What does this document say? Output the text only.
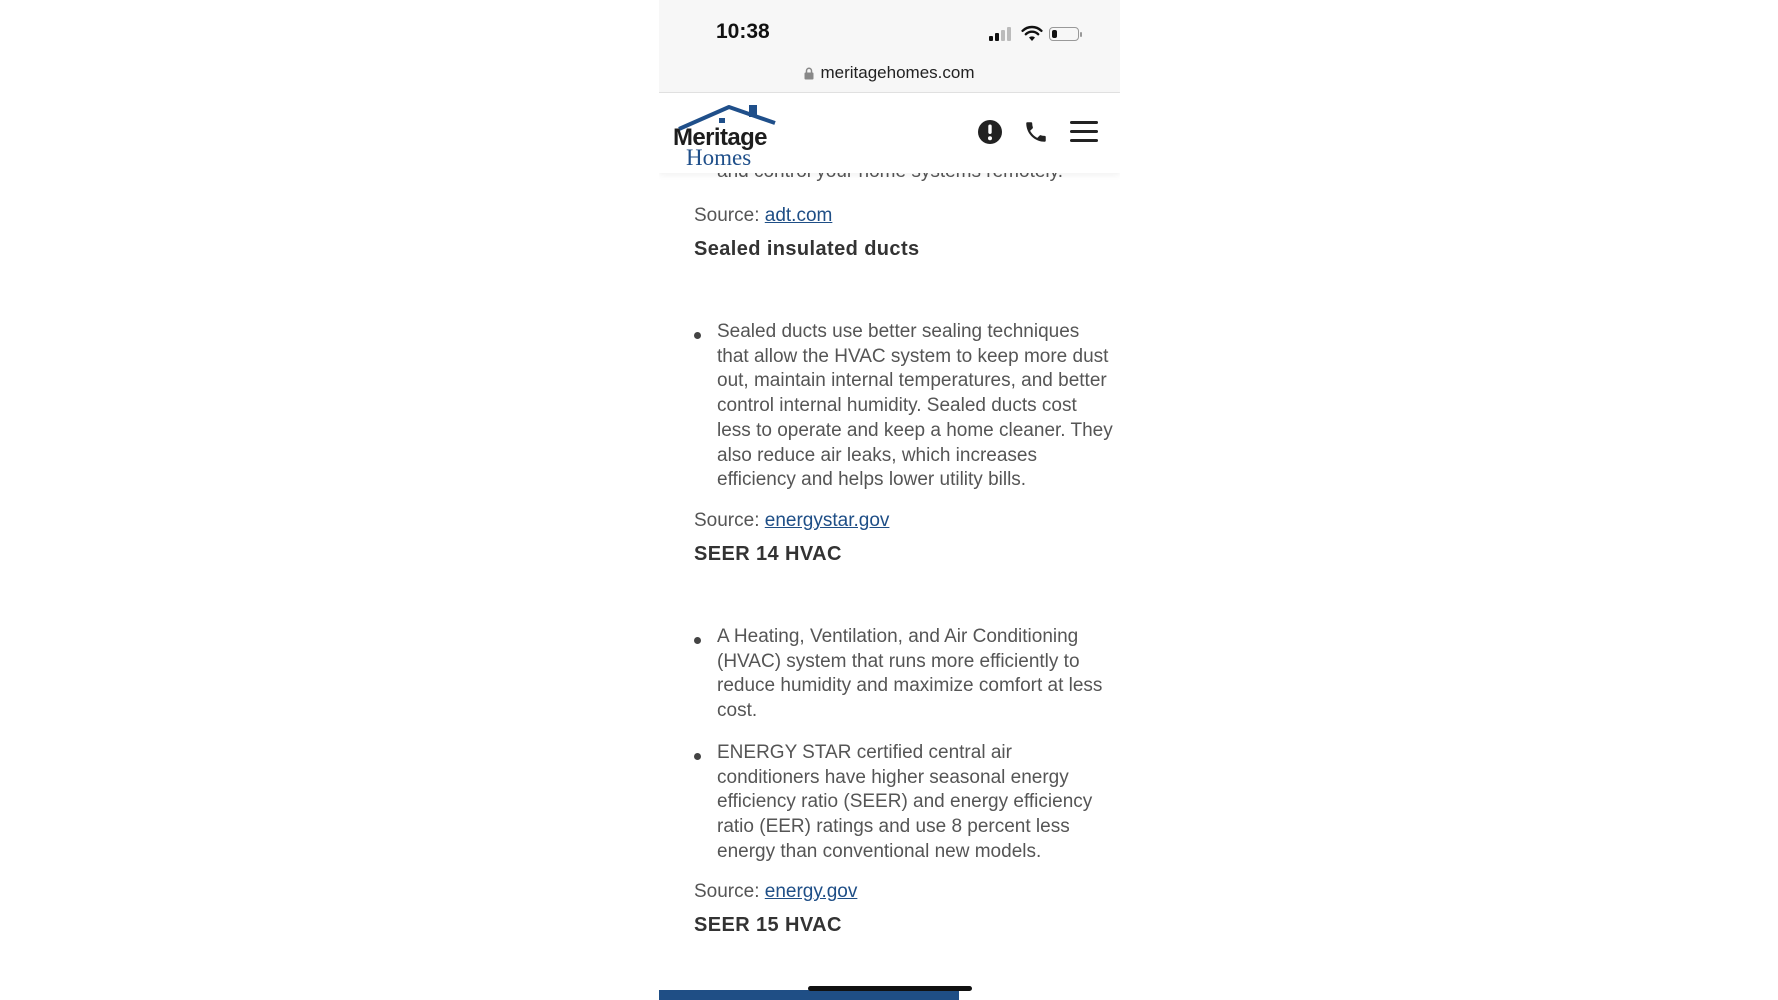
10:38
meritagehomes.com
Source: adt.com
Sealed insulated ducts
Sealed ducts use better sealing techniques that allow the HVAC system to keep more dust out, maintain internal temperatures, and better control internal humidity. Sealed ducts cost less to operate and keep a home cleaner. They also reduce air leaks, which increases efficiency and helps lower utility bills.
Source: energystar.gov
SEER 14 HVAC
A Heating, Ventilation, and Air Conditioning (HVAC) system that runs more efficiently to reduce humidity and maximize comfort at less cost.
ENERGY STAR certified central air conditioners have higher seasonal energy efficiency ratio (SEER) and energy efficiency ratio (EER) ratings and use 8 percent less energy than conventional new models.
Source: energy.gov
SEER 15 HVAC
Meritage
Homes
